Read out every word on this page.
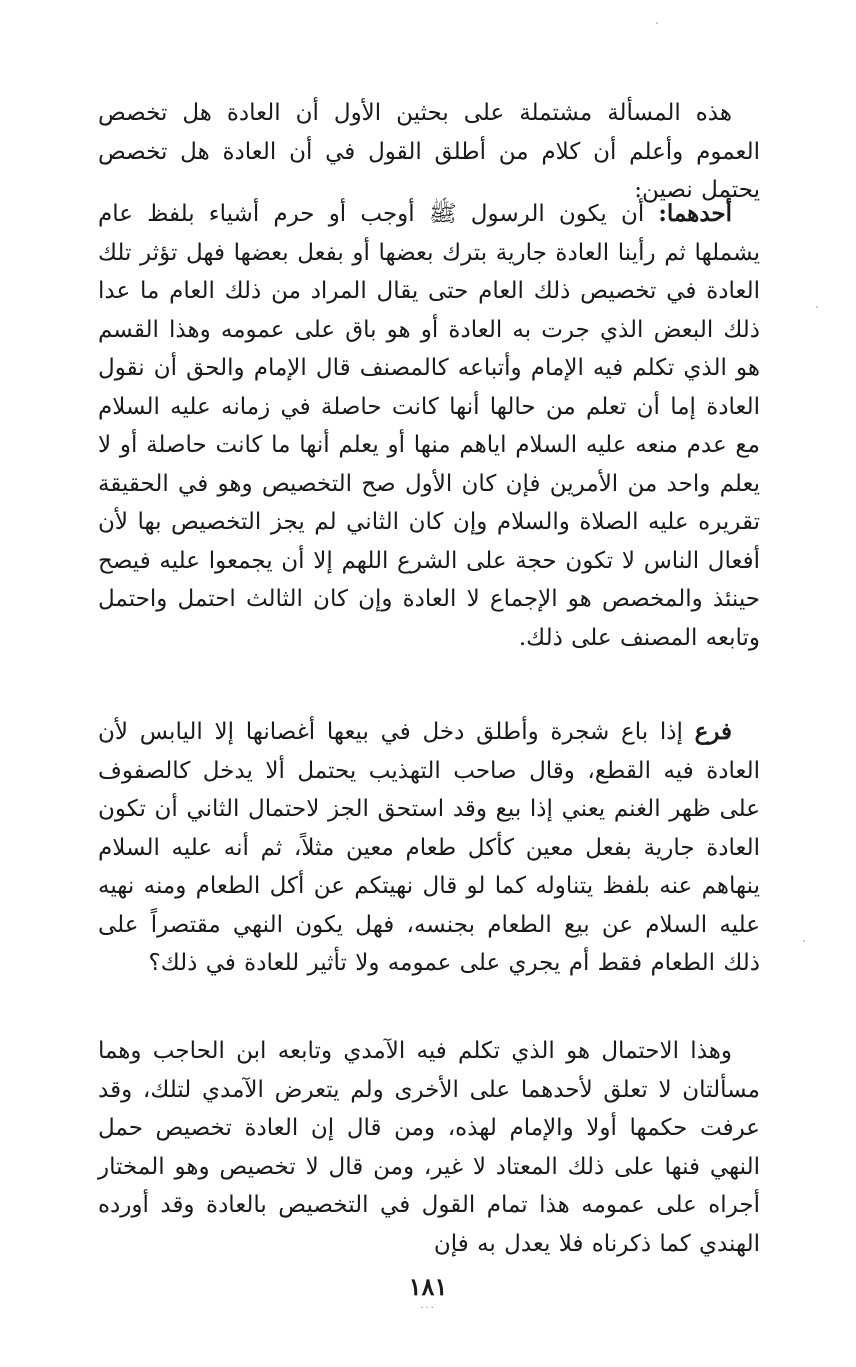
هذه المسألة مشتملة على بحثين الأول أن العادة هل تخصص العموم وأعلم أن كلام من أطلق القول في أن العادة هل تخصص يحتمل نصين:

أحدهما: أن يكون الرسول ﷺ أوجب أو حرم أشياء بلفظ عام يشملها ثم رأينا العادة جارية بترك بعضها أو بفعل بعضها فهل تؤثر تلك العادة في تخصيص ذلك العام حتى يقال المراد من ذلك العام ما عدا ذلك البعض الذي جرت به العادة أو هو باق على عمومه وهذا القسم هو الذي تكلم فيه الإمام وأتباعه كالمصنف قال الإمام والحق أن نقول العادة إما أن تعلم من حالها أنها كانت حاصلة في زمانه عليه السلام مع عدم منعه عليه السلام اياهم منها أو يعلم أنها ما كانت حاصلة أو لا يعلم واحد من الأمرين فإن كان الأول صح التخصيص وهو في الحقيقة تقريره عليه الصلاة والسلام وإن كان الثاني لم يجز التخصيص بها لأن أفعال الناس لا تكون حجة على الشرع اللهم إلا أن يجمعوا عليه فيصح حينئذ والمخصص هو الإجماع لا العادة وإن كان الثالث احتمل واحتمل وتابعه المصنف على ذلك.

فرع إذا باع شجرة وأطلق دخل في بيعها أغصانها إلا اليابس لأن العادة فيه القطع، وقال صاحب التهذيب يحتمل ألا يدخل كالصفوف على ظهر الغنم يعني إذا بيع وقد استحق الجز لاحتمال الثاني أن تكون العادة جارية بفعل معين كأكل طعام معين مثلاً، ثم أنه عليه السلام ينهاهم عنه بلفظ يتناوله كما لو قال نهيتكم عن أكل الطعام ومنه نهيه عليه السلام عن بيع الطعام بجنسه، فهل يكون النهي مقتصراً على ذلك الطعام فقط أم يجري على عمومه ولا تأثير للعادة في ذلك؟

وهذا الاحتمال هو الذي تكلم فيه الآمدي وتابعه ابن الحاجب وهما مسألتان لا تعلق لأحدهما على الأخرى ولم يتعرض الآمدي لتلك، وقد عرفت حكمها أولا والإمام لهذه، ومن قال إن العادة تخصيص حمل النهي فنها على ذلك المعتاد لا غير، ومن قال لا تخصيص وهو المختار أجراه على عمومه هذا تمام القول في التخصيص بالعادة وقد أورده الهندي كما ذكرناه فلا يعدل به فإن

١٨١
...
